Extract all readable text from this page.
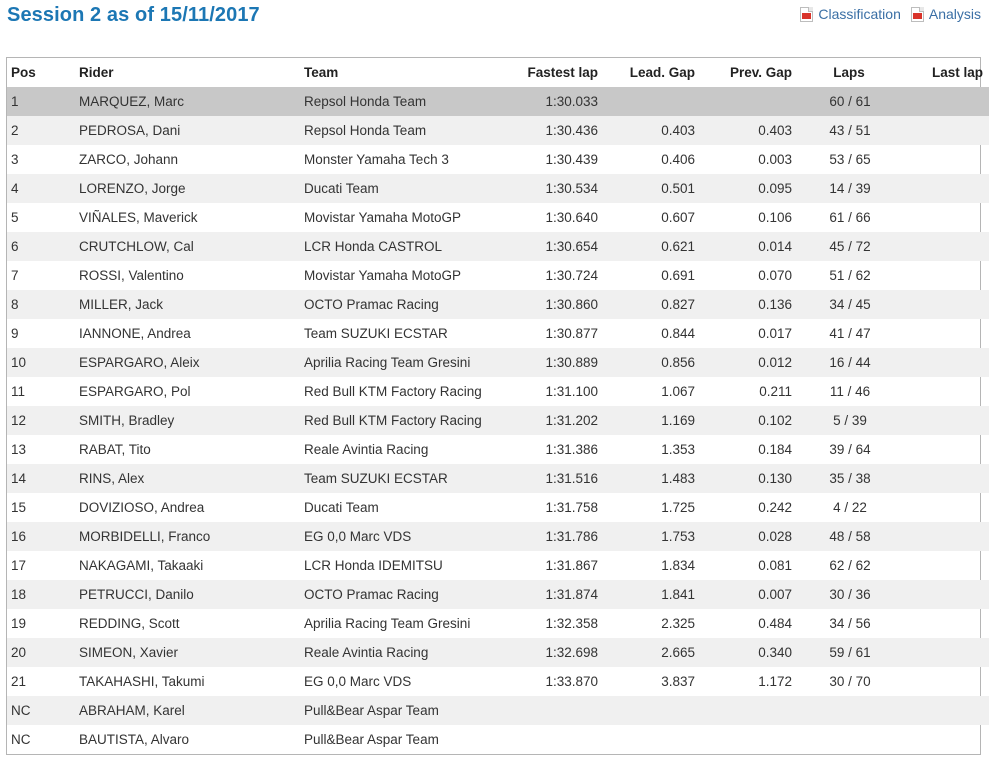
Session 2 as of 15/11/2017	Classification Analysis
Pos	Rider	Team	Fastest lap	Lead. Gap	Prev. Gap	Laps	Last lap
1	MARQUEZ, Marc	Repsol Honda Team	1:30.033			60 / 61	
2	PEDROSA, Dani	Repsol Honda Team	1:30.436	0.403	0.403	43 / 51	
3	ZARCO, Johann	Monster Yamaha Tech 3	1:30.439	0.406	0.003	53 / 65	
4	LORENZO, Jorge	Ducati Team	1:30.534	0.501	0.095	14 / 39	
5	VIÑALES, Maverick	Movistar Yamaha MotoGP	1:30.640	0.607	0.106	61 / 66	
6	CRUTCHLOW, Cal	LCR Honda CASTROL	1:30.654	0.621	0.014	45 / 72	
7	ROSSI, Valentino	Movistar Yamaha MotoGP	1:30.724	0.691	0.070	51 / 62	
8	MILLER, Jack	OCTO Pramac Racing	1:30.860	0.827	0.136	34 / 45	
9	IANNONE, Andrea	Team SUZUKI ECSTAR	1:30.877	0.844	0.017	41 / 47	
10	ESPARGARO, Aleix	Aprilia Racing Team Gresini	1:30.889	0.856	0.012	16 / 44	
11	ESPARGARO, Pol	Red Bull KTM Factory Racing	1:31.100	1.067	0.211	11 / 46	
12	SMITH, Bradley	Red Bull KTM Factory Racing	1:31.202	1.169	0.102	5 / 39	
13	RABAT, Tito	Reale Avintia Racing	1:31.386	1.353	0.184	39 / 64	
14	RINS, Alex	Team SUZUKI ECSTAR	1:31.516	1.483	0.130	35 / 38	
15	DOVIZIOSO, Andrea	Ducati Team	1:31.758	1.725	0.242	4 / 22	
16	MORBIDELLI, Franco	EG 0,0 Marc VDS	1:31.786	1.753	0.028	48 / 58	
17	NAKAGAMI, Takaaki	LCR Honda IDEMITSU	1:31.867	1.834	0.081	62 / 62	
18	PETRUCCI, Danilo	OCTO Pramac Racing	1:31.874	1.841	0.007	30 / 36	
19	REDDING, Scott	Aprilia Racing Team Gresini	1:32.358	2.325	0.484	34 / 56	
20	SIMEON, Xavier	Reale Avintia Racing	1:32.698	2.665	0.340	59 / 61	
21	TAKAHASHI, Takumi	EG 0,0 Marc VDS	1:33.870	3.837	1.172	30 / 70	
NC	ABRAHAM, Karel	Pull&Bear Aspar Team					
NC	BAUTISTA, Alvaro	Pull&Bear Aspar Team					
